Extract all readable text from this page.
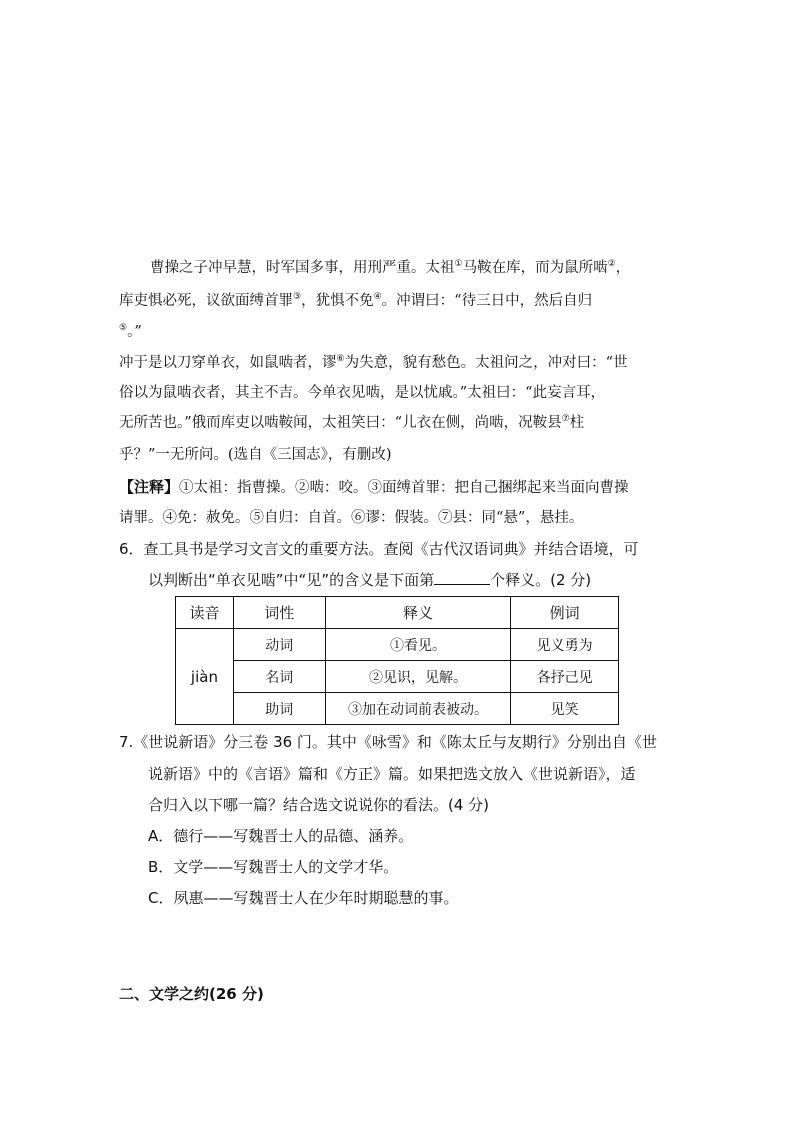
曹操之子冲早慧，时军国多事，用刑严重。太祖①马鞍在库，而为鼠所啮②，
库吏惧必死，议欲面缚首罪③，犹惧不免④。冲谓曰：“待三日中，然后自归
⑤。”
冲于是以刀穿单衣，如鼠啮者，谬⑥为失意，貌有愁色。太祖问之，冲对曰：“世
俗以为鼠啮衣者，其主不吉。今单衣见啮，是以忧戚。”太祖曰：“此妄言耳，
无所苦也。”俄而库吏以啮鞍闻，太祖笑曰：“儿衣在侧，尚啮，况鞍县⑦柱
乎？”一无所问。(选自《三国志》，有删改)
【注释】①太祖：指曹操。②啮：咬。③面缚首罪：把自己捆绑起来当面向曹操
请罪。④免：赦免。⑤自归：自首。⑥谬：假装。⑦县：同“悬”，悬挂。
6．查工具书是学习文言文的重要方法。查阅《古代汉语词典》并结合语境，可
以判断出“单衣见啮”中“见”的含义是下面第	个释义。(2 分)
读音	词性	释义	例词
jiàn	动词	①看见。	见义勇为
	名词	②见识，见解。	各抒己见
	助词	③加在动词前表被动。	见笑
7.《世说新语》分三卷 36 门。其中《咏雪》和《陈太丘与友期行》分别出自《世
说新语》中的《言语》篇和《方正》篇。如果把选文放入《世说新语》，适
合归入以下哪一篇？结合选文说说你的看法。(4 分)
A．德行——写魏晋士人的品德、涵养。
B．文学——写魏晋士人的文学才华。
C．夙惠——写魏晋士人在少年时期聪慧的事。
二、文学之约(26 分)
